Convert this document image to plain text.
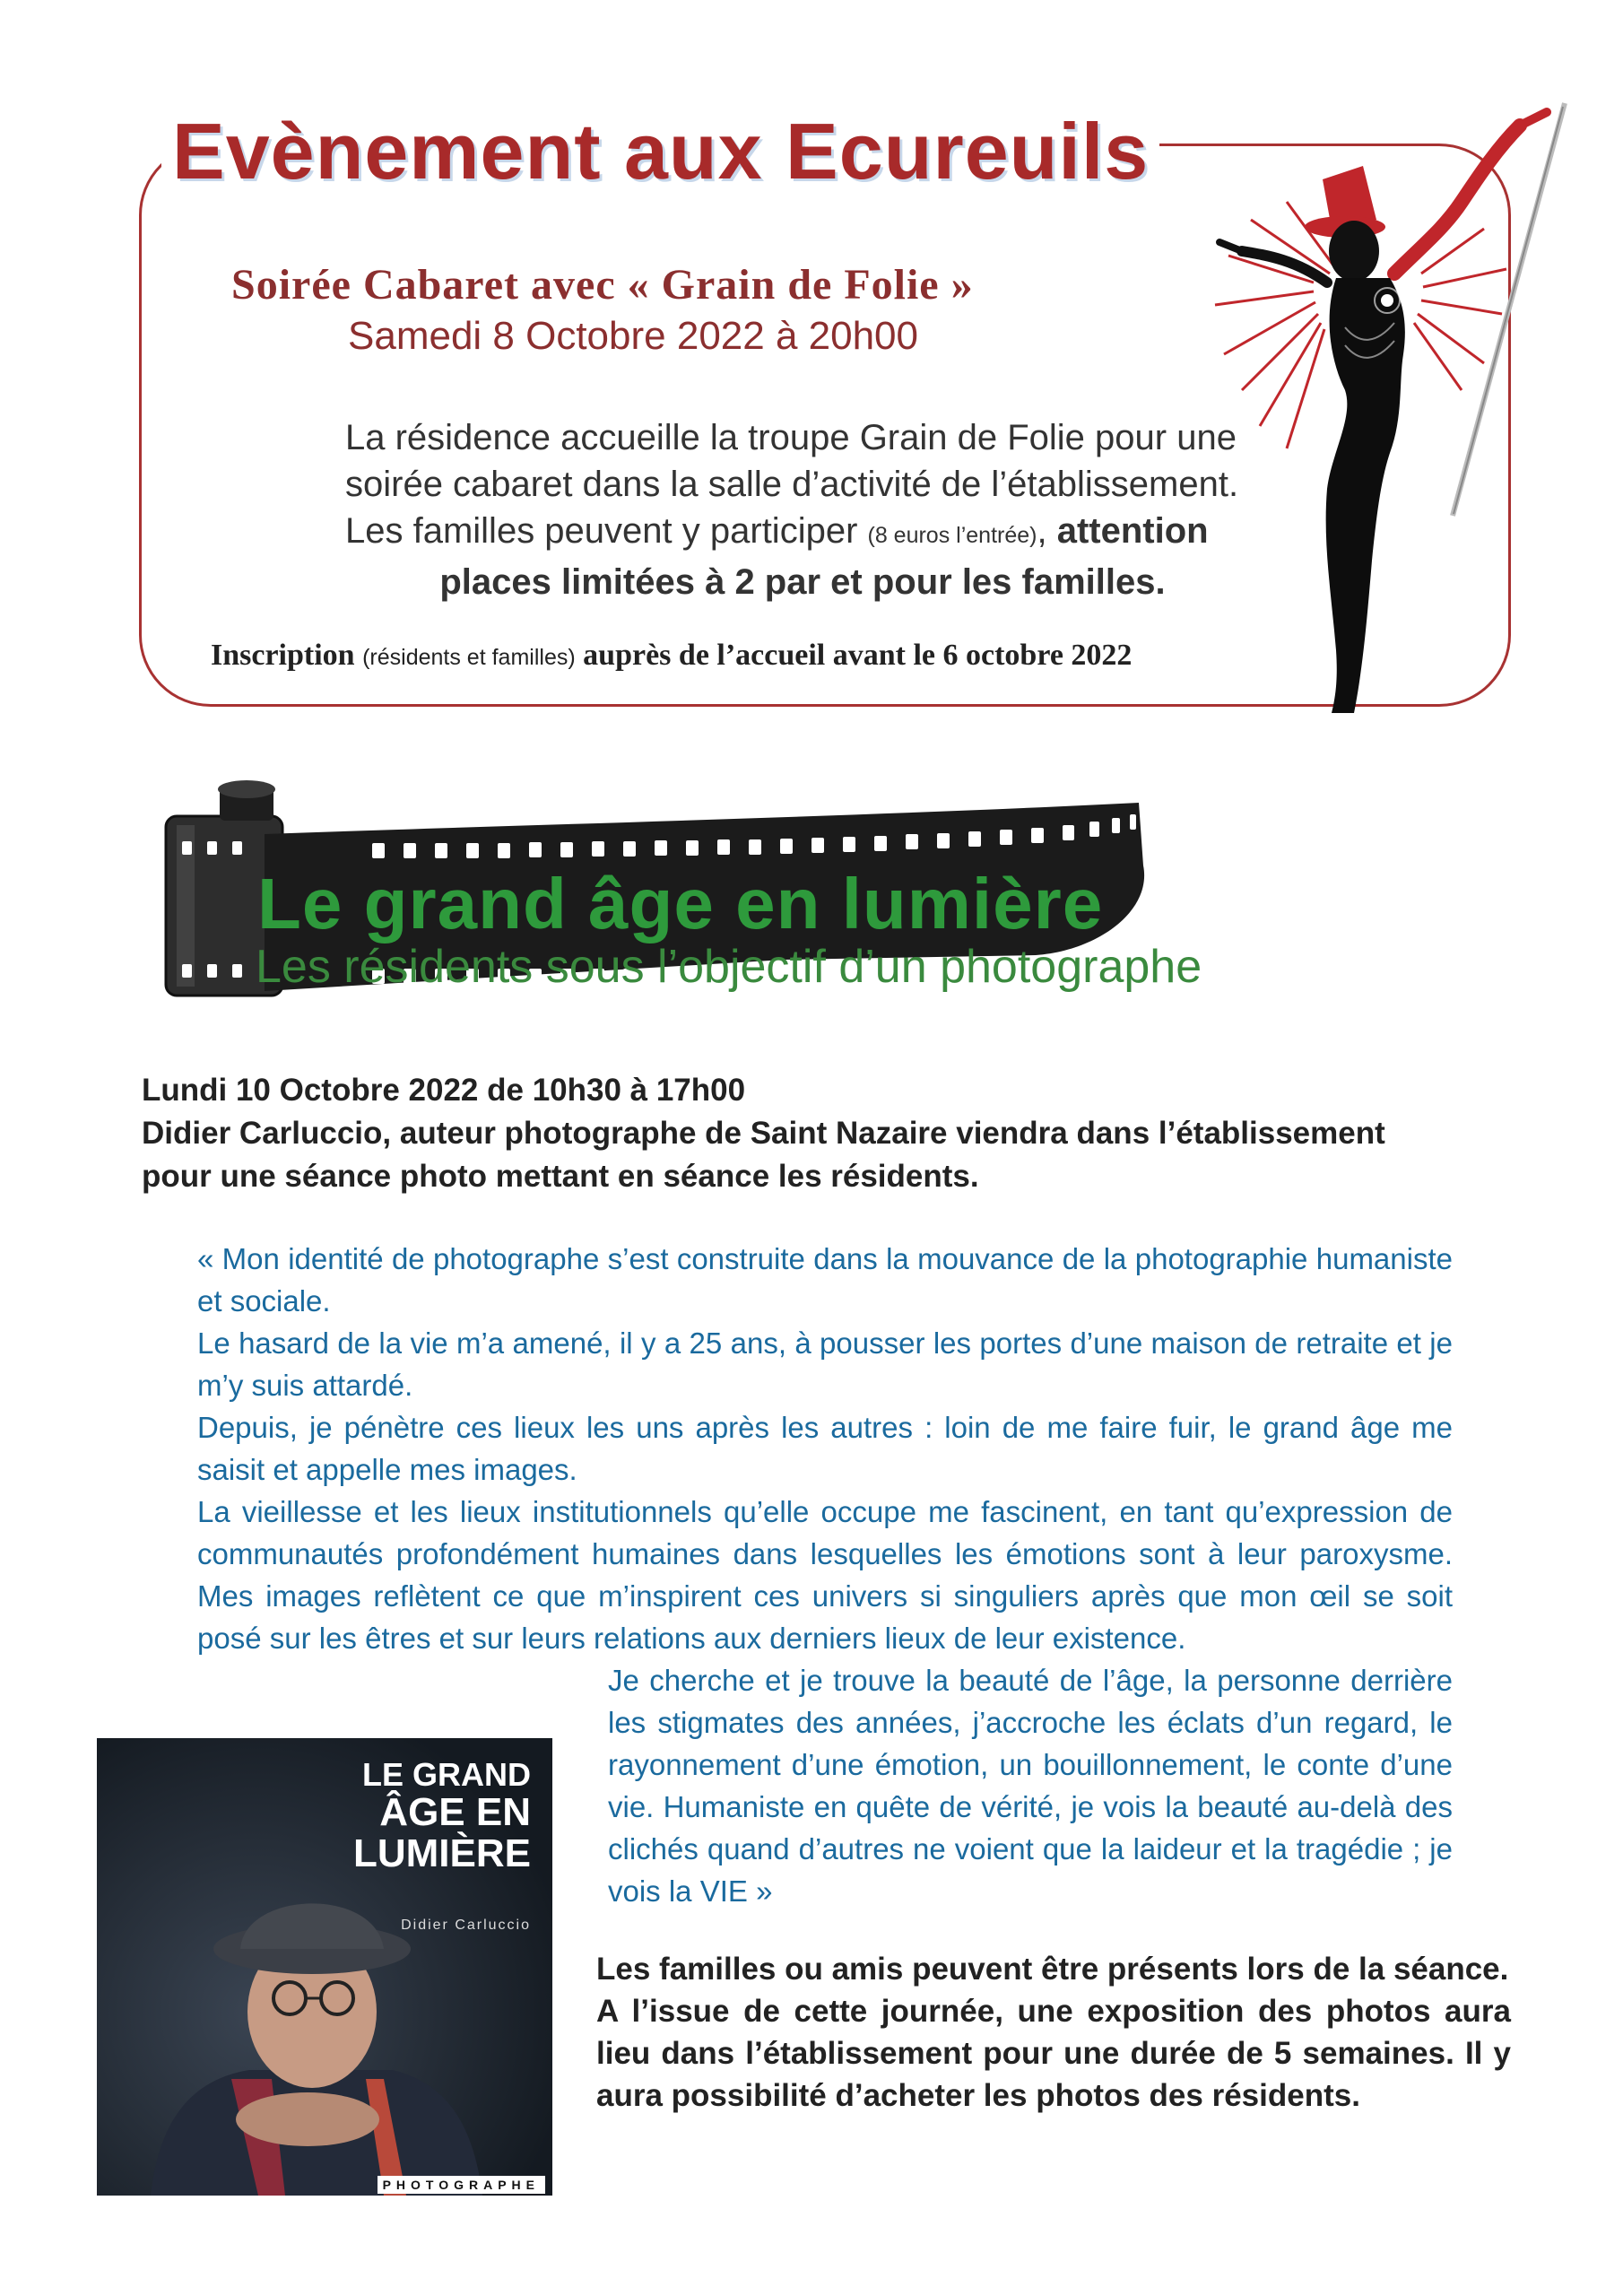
Evènement aux Ecureuils
Soirée Cabaret avec « Grain de Folie »
Samedi 8 Octobre 2022 à 20h00
La résidence accueille la troupe Grain de Folie pour une
soirée cabaret dans la salle d’activité de l’établissement.
Les familles peuvent y participer (8 euros l’entrée), attention
places limitées à 2 par et pour les familles.
Inscription (résidents et familles) auprès de l’accueil avant le 6 octobre 2022
Le grand âge en lumière
Les résidents sous l’objectif d’un photographe
Lundi 10 Octobre 2022 de 10h30 à 17h00
Didier Carluccio, auteur photographe de Saint Nazaire viendra dans l’établissement
pour une séance photo mettant en séance les résidents.

« Mon identité de photographe s’est construite dans la mouvance de la photographie humaniste et sociale.

Le hasard de la vie m’a amené, il y a 25 ans, à pousser les portes d’une maison de retraite et je m’y suis attardé.

Depuis, je pénètre ces lieux les uns après les autres : loin de me faire fuir, le grand âge me saisit et appelle mes images.

La vieillesse et les lieux institutionnels qu’elle occupe me fascinent, en tant qu’expression de communautés profondément humaines dans lesquelles les émotions sont à leur paroxysme. Mes images reflètent ce que m’inspirent ces univers si singuliers après que mon œil se soit posé sur les êtres et sur leurs relations aux derniers lieux de leur existence.

Je cherche et je trouve la beauté de l’âge, la personne derrière les stigmates des années, j’accroche les éclats d’un regard, le rayonnement d’une émotion, un bouillonnement, le conte d’une vie. Humaniste en quête de vérité, je vois la beauté au-delà des clichés quand d’autres ne voient que la laideur et la tragédie ; je vois la VIE »
LE GRAND
ÂGE EN
LUMIÈRE
Didier Carluccio
PHOTOGRAPHE

Les familles ou amis peuvent être présents lors de la séance.

A l’issue de cette journée, une exposition des photos aura lieu dans l’établissement pour une durée de 5 semaines. Il y aura possibilité d’acheter les photos des résidents.
